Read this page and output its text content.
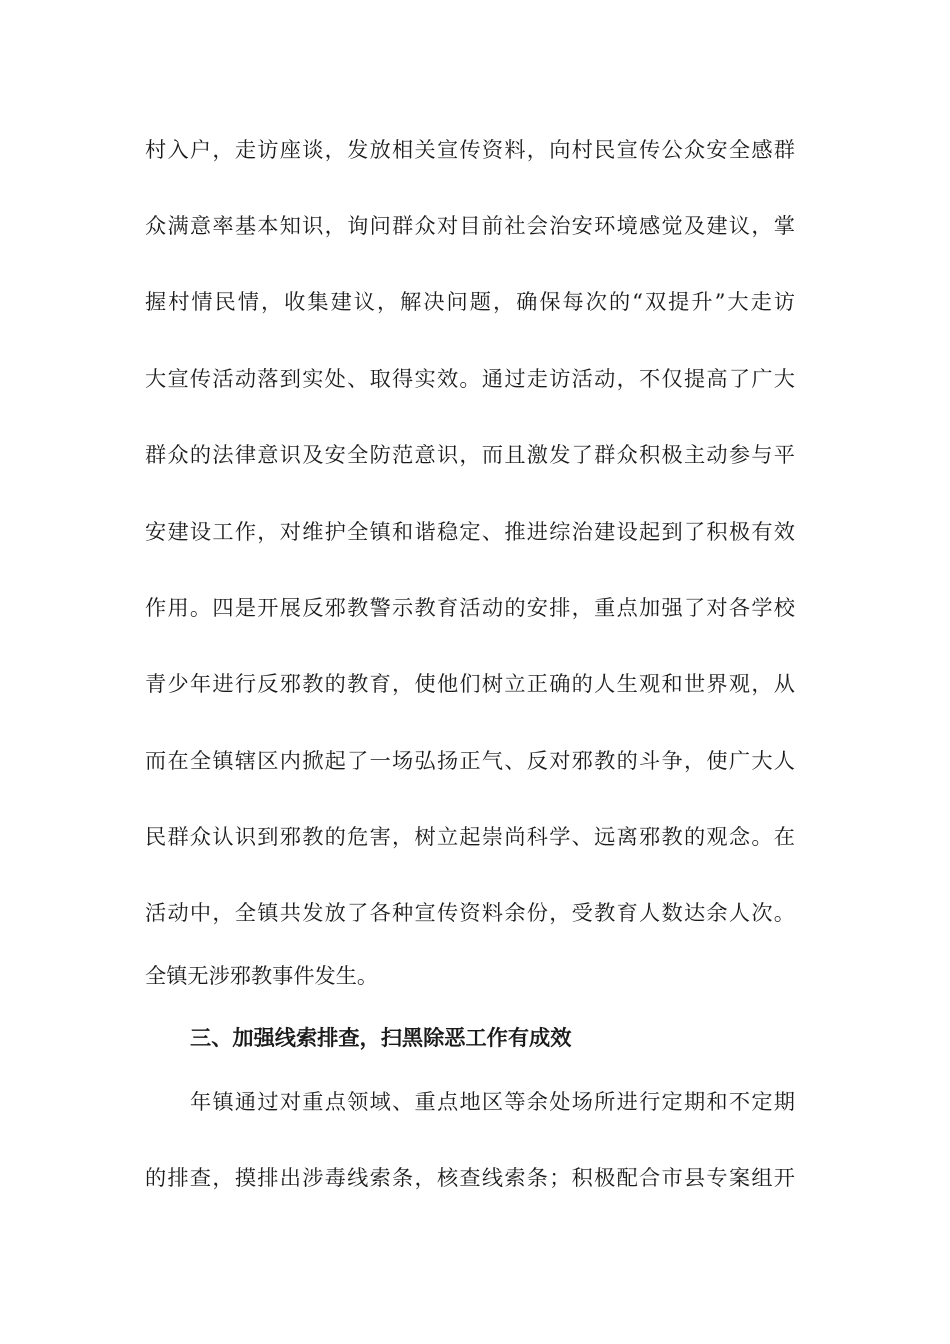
村入户，走访座谈，发放相关宣传资料，向村民宣传公众安全感群
众满意率基本知识，询问群众对目前社会治安环境感觉及建议，掌
握村情民情，收集建议，解决问题，确保每次的“双提升”大走访
大宣传活动落到实处、取得实效。通过走访活动，不仅提高了广大
群众的法律意识及安全防范意识，而且激发了群众积极主动参与平
安建设工作，对维护全镇和谐稳定、推进综治建设起到了积极有效
作用。四是开展反邪教警示教育活动的安排，重点加强了对各学校
青少年进行反邪教的教育，使他们树立正确的人生观和世界观，从
而在全镇辖区内掀起了一场弘扬正气、反对邪教的斗争，使广大人
民群众认识到邪教的危害，树立起崇尚科学、远离邪教的观念。在
活动中，全镇共发放了各种宣传资料余份，受教育人数达余人次。
全镇无涉邪教事件发生。
三、加强线索排查，扫黑除恶工作有成效
年镇通过对重点领域、重点地区等余处场所进行定期和不定期
的排查，摸排出涉毒线索条，核查线索条；积极配合市县专案组开
